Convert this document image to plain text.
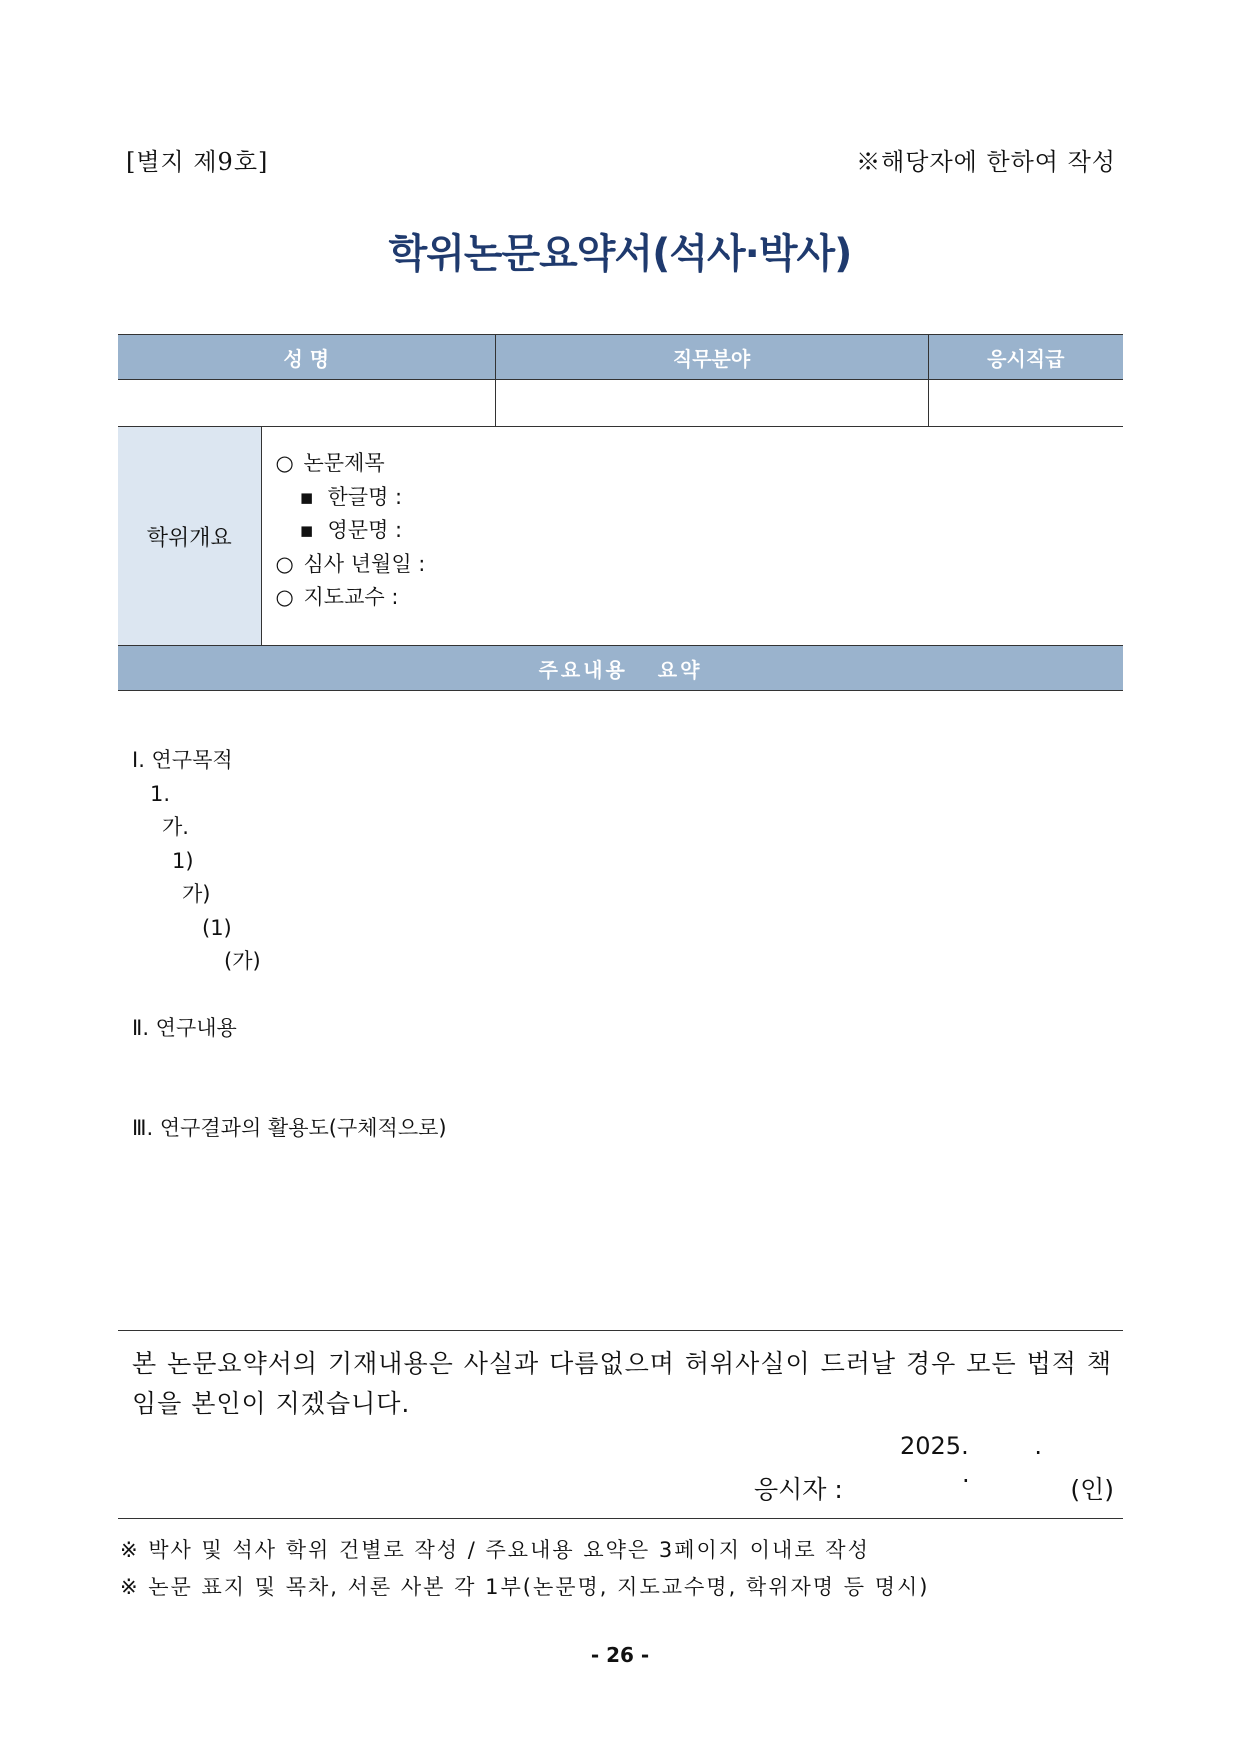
[별지 제9호]	※해당자에 한하여 작성
학위논문요약서(석사·박사)
성 명		직무분야	응시직급

학위개요	○ 논문제목
▪ 한글명 :
▪ 영문명 :
○ 심사 년월일 :
○ 지도교수 :		

주요내용   요약			
Ⅰ. 연구목적
1.
가.
1)
가)
(1)
(가)
Ⅱ. 연구내용
Ⅲ. 연구결과의 활용도(구체적으로)
본 논문요약서의 기재내용은 사실과 다름없으며 허위사실이 드러날 경우 모든 법적 책임을 본인이 지겠습니다.
2025.	. .
응시자 :	(인)
※ 박사 및 석사 학위 건별로 작성 / 주요내용 요약은 3페이지 이내로 작성
※ 논문 표지 및 목차, 서론 사본 각 1부(논문명, 지도교수명, 학위자명 등 명시)
- 26 -
